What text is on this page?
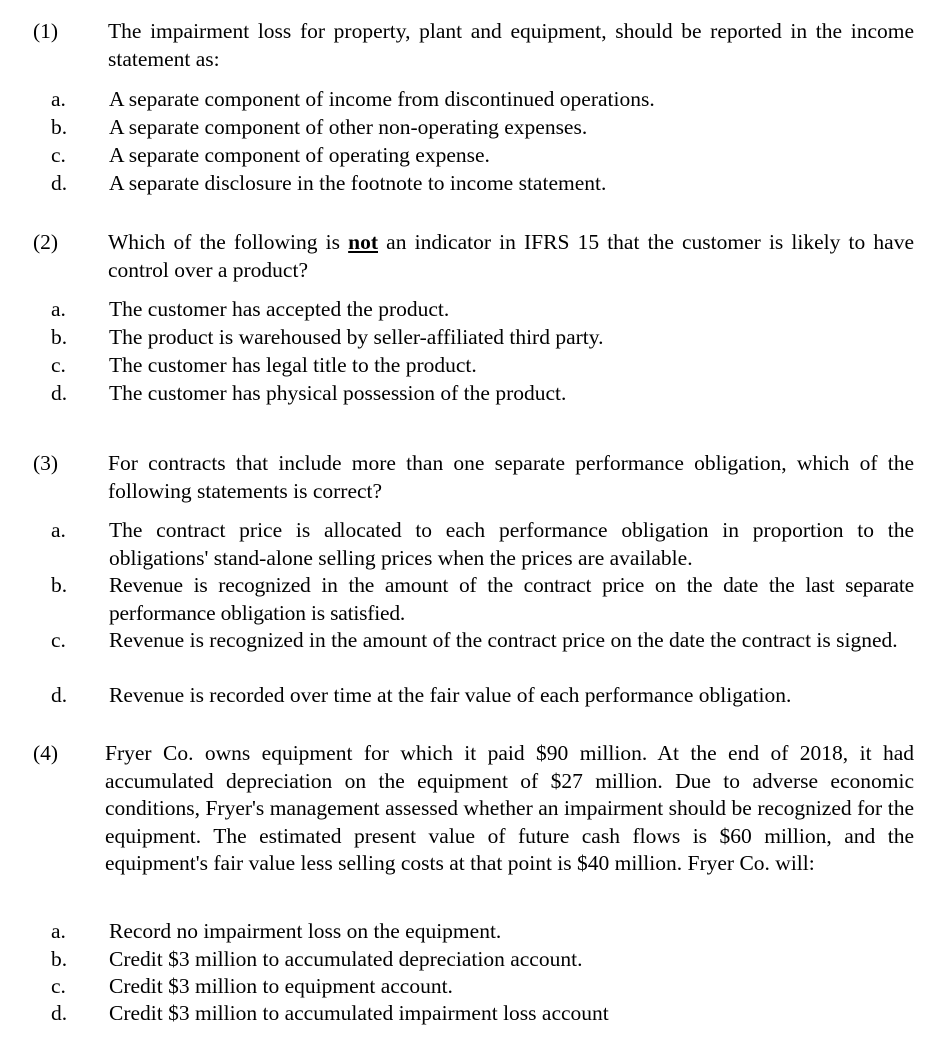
(1) The impairment loss for property, plant and equipment, should be reported in the income statement as:
a. A separate component of income from discontinued operations.
b. A separate component of other non-operating expenses.
c. A separate component of operating expense.
d. A separate disclosure in the footnote to income statement.
(2) Which of the following is not an indicator in IFRS 15 that the customer is likely to have control over a product?
a. The customer has accepted the product.
b. The product is warehoused by seller-affiliated third party.
c. The customer has legal title to the product.
d. The customer has physical possession of the product.
(3) For contracts that include more than one separate performance obligation, which of the following statements is correct?
a. The contract price is allocated to each performance obligation in proportion to the obligations' stand-alone selling prices when the prices are available.
b. Revenue is recognized in the amount of the contract price on the date the last separate performance obligation is satisfied.
c. Revenue is recognized in the amount of the contract price on the date the contract is signed.
d. Revenue is recorded over time at the fair value of each performance obligation.
(4) Fryer Co. owns equipment for which it paid $90 million. At the end of 2018, it had accumulated depreciation on the equipment of $27 million. Due to adverse economic conditions, Fryer's management assessed whether an impairment should be recognized for the equipment. The estimated present value of future cash flows is $60 million, and the equipment's fair value less selling costs at that point is $40 million. Fryer Co. will:
a. Record no impairment loss on the equipment.
b. Credit $3 million to accumulated depreciation account.
c. Credit $3 million to equipment account.
d. Credit $3 million to accumulated impairment loss account
